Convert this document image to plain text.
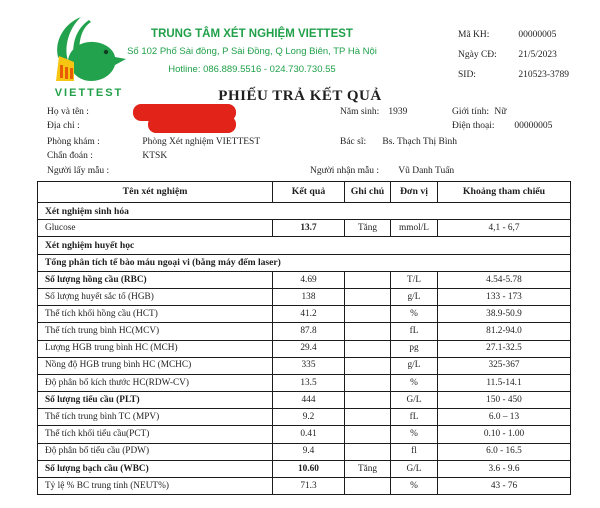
VIETTEST
TRUNG TÂM XÉT NGHIỆM VIETTEST
Số 102 Phố Sài đồng, P Sài Đồng, Q Long Biên, TP Hà Nội
Hotline: 086.889.5516 - 024.730.730.55
Mã KH:	00000005
Ngày CĐ: 21/5/2023
SID:	210523-3789
PHIẾU TRẢ KẾT QUẢ
Họ và tên :	Năm sinh: 1939	Giới tính: Nữ
Địa chỉ :	Điện thoại: 00000005
Phòng khám :	Phòng Xét nghiệm VIETTEST	Bác sĩ: Bs. Thạch Thị Bình
Chẩn đoán :	KTSK
Người lấy mẫu :	Người nhận mẫu : Vũ Danh Tuấn
Tên xét nghiệm	Kết quả	Ghi chú	Đơn vị	Khoảng tham chiếu
Xét nghiệm sinh hóa				
Glucose	13.7	Tăng	mmol/L	4,1 - 6,7
Xét nghiệm huyết học				
Tổng phân tích tế bào máu ngoại vi (bằng máy đếm laser)				
Số lượng hồng cầu (RBC)	4.69		T/L	4.54-5.78
Số lượng huyết sắc tố (HGB)	138		g/L	133 - 173
Thể tích khối hồng cầu (HCT)	41.2		%	38.9-50.9
Thể tích trung bình HC(MCV)	87.8		fL	81.2-94.0
Lượng HGB trung bình HC (MCH)	29.4		pg	27.1-32.5
Nồng độ HGB trung bình HC (MCHC)	335		g/L	325-367
Độ phân bố kích thước HC(RDW-CV)	13.5		%	11.5-14.1
Số lượng tiểu cầu (PLT)	444		G/L	150 - 450
Thể tích trung bình TC (MPV)	9.2		fL	6.0 – 13
Thể tích khối tiểu cầu(PCT)	0.41		%	0.10 - 1.00
Độ phân bố tiểu cầu (PDW)	9.4		fl	6.0 - 16.5
Số lượng bạch cầu (WBC)	10.60	Tăng	G/L	3.6 - 9.6
Tỷ lệ % BC trung tính (NEUT%)	71.3		%	43 - 76
